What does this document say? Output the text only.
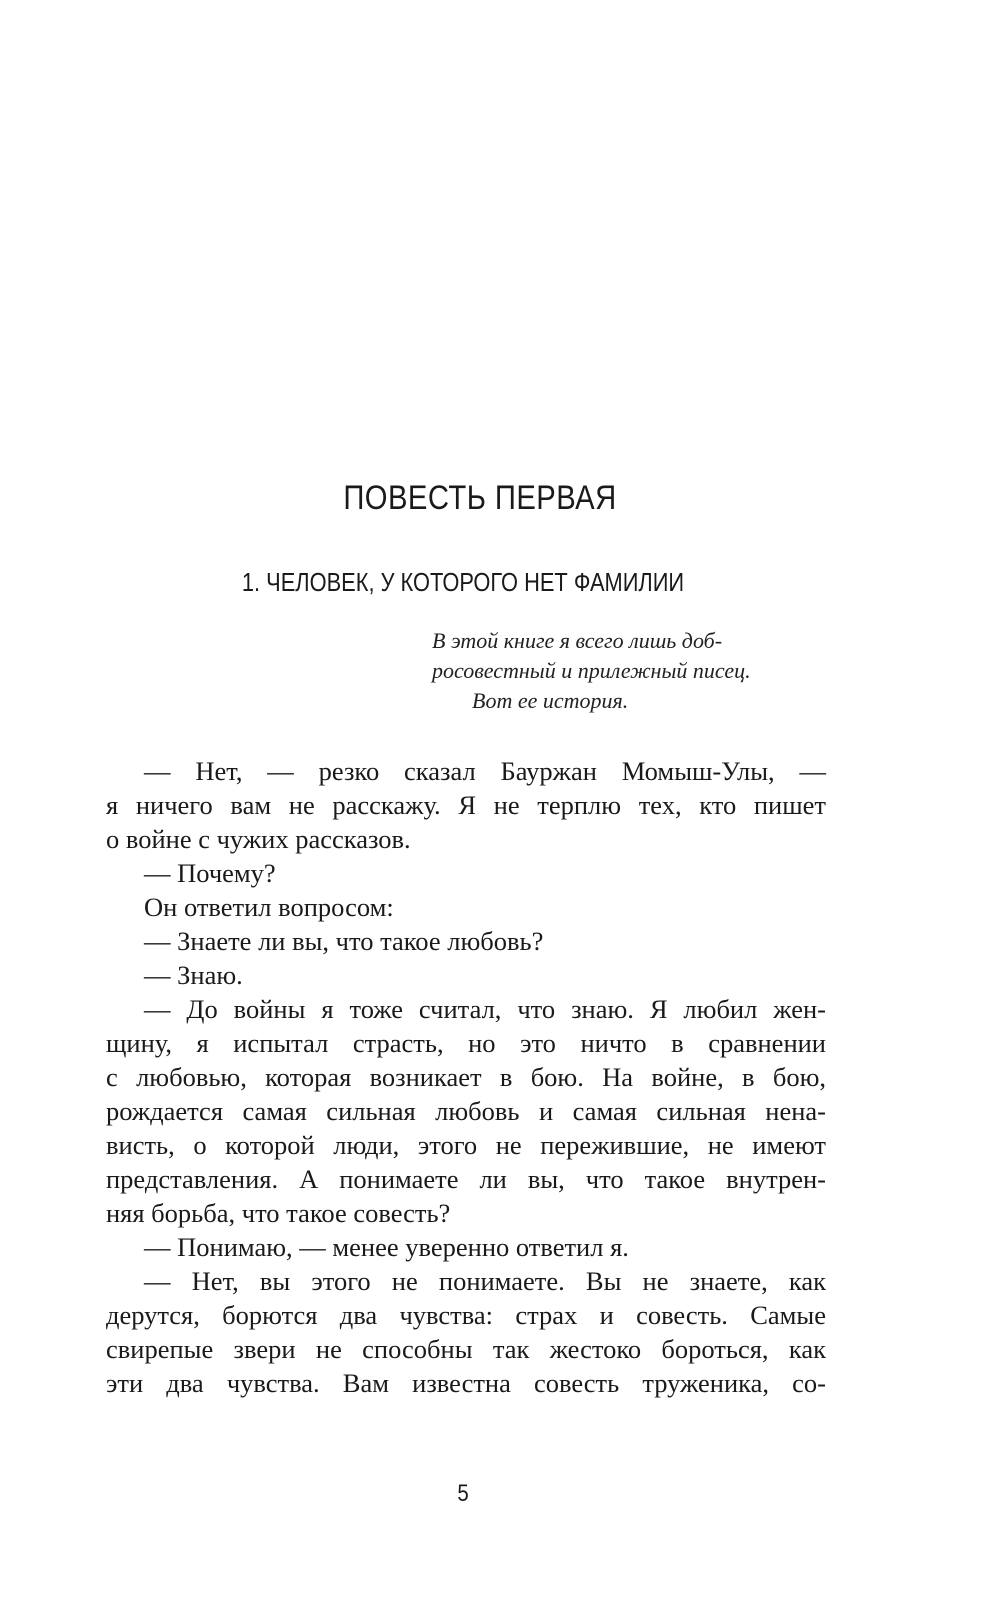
ПОВЕСТЬ ПЕРВАЯ
1. ЧЕЛОВЕК, У КОТОРОГО НЕТ ФАМИЛИИ
В этой книге я всего лишь доб-
росовестный и прилежный писец.
Вот ее история.

— Нет, — резко сказал Бауржан Момыш-Улы, —

я ничего вам не расскажу. Я не терплю тех, кто пишет
о войне с чужих рассказов.

— Почему?

Он ответил вопросом:

— Знаете ли вы, что такое любовь?

— Знаю.

— До войны я тоже считал, что знаю. Я любил жен-

щину, я испытал страсть, но это ничто в сравнении
с любовью, которая возникает в бою. На войне, в бою,
рождается самая сильная любовь и самая сильная нена-
висть, о которой люди, этого не пережившие, не имеют
представления. А понимаете ли вы, что такое внутрен-
няя борьба, что такое совесть?

— Понимаю, — менее уверенно ответил я.

— Нет, вы этого не понимаете. Вы не знаете, как

дерутся, борются два чувства: страх и совесть. Самые
свирепые звери не способны так жестоко бороться, как
эти два чувства. Вам известна совесть труженика, со-

5
